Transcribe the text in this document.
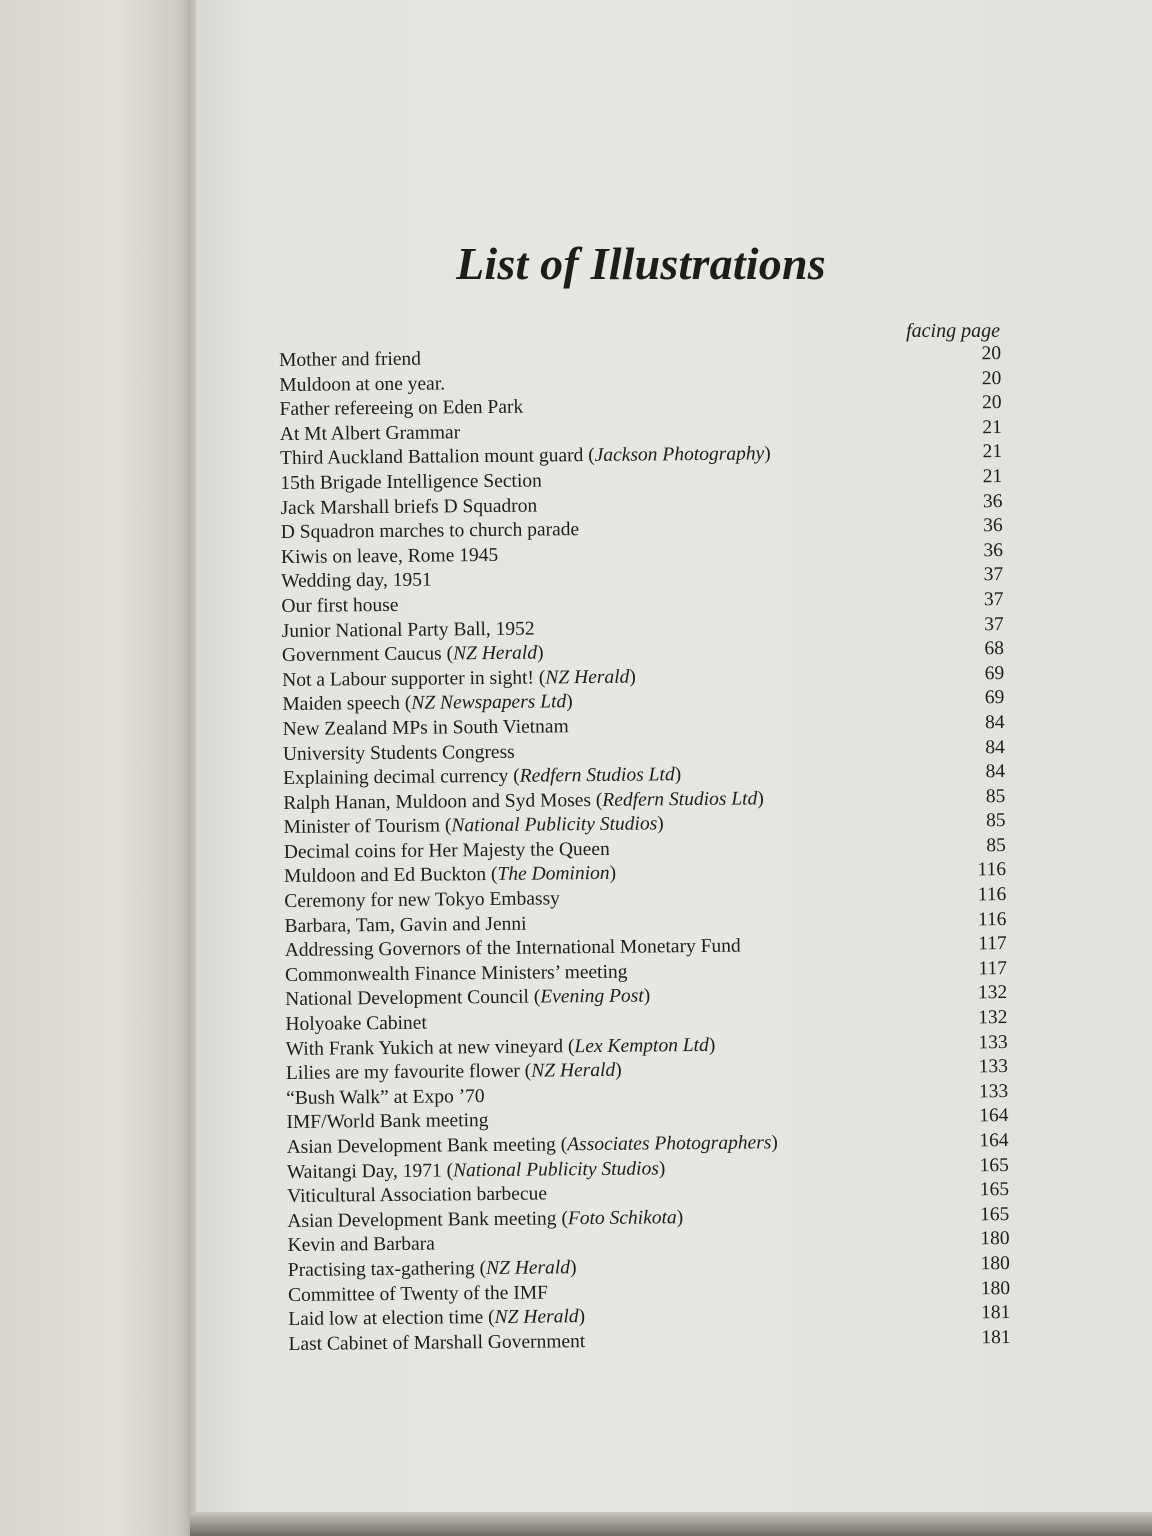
List of Illustrations
facing page
Mother and friend	20
Muldoon at one year.	20
Father refereeing on Eden Park	20
At Mt Albert Grammar	21
Third Auckland Battalion mount guard (Jackson Photography)	21
15th Brigade Intelligence Section	21
Jack Marshall briefs D Squadron	36
D Squadron marches to church parade	36
Kiwis on leave, Rome 1945	36
Wedding day, 1951	37
Our first house	37
Junior National Party Ball, 1952	37
Government Caucus (NZ Herald)	68
Not a Labour supporter in sight! (NZ Herald)	69
Maiden speech (NZ Newspapers Ltd)	69
New Zealand MPs in South Vietnam	84
University Students Congress	84
Explaining decimal currency (Redfern Studios Ltd)	84
Ralph Hanan, Muldoon and Syd Moses (Redfern Studios Ltd)	85
Minister of Tourism (National Publicity Studios)	85
Decimal coins for Her Majesty the Queen	85
Muldoon and Ed Buckton (The Dominion)	116
Ceremony for new Tokyo Embassy	116
Barbara, Tam, Gavin and Jenni	116
Addressing Governors of the International Monetary Fund	117
Commonwealth Finance Ministers’ meeting	117
National Development Council (Evening Post)	132
Holyoake Cabinet	132
With Frank Yukich at new vineyard (Lex Kempton Ltd)	133
Lilies are my favourite flower (NZ Herald)	133
“Bush Walk” at Expo ’70	133
IMF/World Bank meeting	164
Asian Development Bank meeting (Associates Photographers)	164
Waitangi Day, 1971 (National Publicity Studios)	165
Viticultural Association barbecue	165
Asian Development Bank meeting (Foto Schikota)	165
Kevin and Barbara	180
Practising tax-gathering (NZ Herald)	180
Committee of Twenty of the IMF	180
Laid low at election time (NZ Herald)	181
Last Cabinet of Marshall Government	181
